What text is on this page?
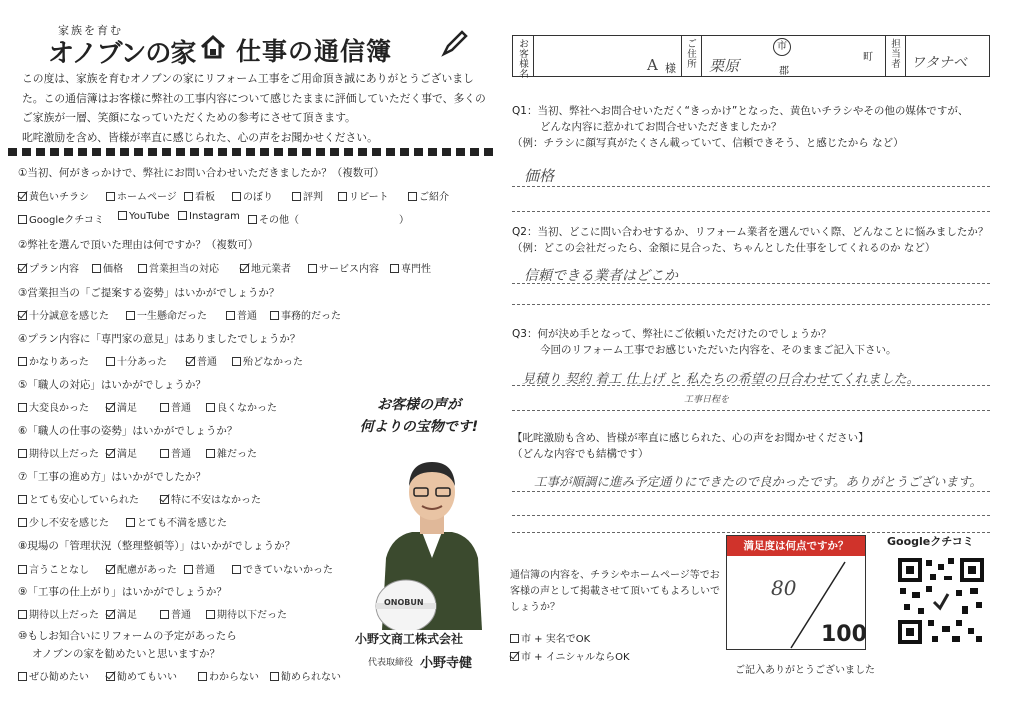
家族を育む
オノブンの家 仕事の通信簿
この度は、家族を育むオノブンの家にリフォーム工事をご用命頂き誠にありがとうございまし
た。この通信簿はお客様に弊社の工事内容について感じたままに評価していただく事で、多くの
ご家族が一層、笑顔になっていただくための参考にさせて頂きます。
叱咤激励を含め、皆様が率直に感じられた、心の声をお聞かせください。
①当初、何がきっかけで、弊社にお問い合わせいただきましたか？（複数可）
黄色いチラシ	ホームページ	看板	のぼり	評判	リピート	ご紹介
Googleクチコミ	YouTube	Instagram	その他（　　　　　　　　　　）
②弊社を選んで頂いた理由は何ですか？（複数可）
プラン内容	価格	営業担当の対応	地元業者	サービス内容	専門性
③営業担当の「ご提案する姿勢」はいかがでしょうか？
十分誠意を感じた	一生懸命だった	普通	事務的だった
④プラン内容に「専門家の意見」はありましたでしょうか？
かなりあった	十分あった	普通	殆どなかった
⑤「職人の対応」はいかがでしょうか？
大変良かった	満足	普通	良くなかった
⑥「職人の仕事の姿勢」はいかがでしょうか？
期待以上だった	満足	普通	雑だった
⑦「工事の進め方」はいかがでしたか？
とても安心していられた	特に不安はなかった
少し不安を感じた	とても不満を感じた
⑧現場の「管理状況（整理整頓等）」はいかがでしょうか？
言うことなし	配慮があった	普通	できていないかった
⑨「工事の仕上がり」はいかがでしょうか？
期待以上だった	満足	普通	期待以下だった
⑩もしお知合いにリフォームの予定があったら
オノブンの家を勧めたいと思いますか？
ぜひ勧めたい	勧めてもいい	わからない	勧められない
お客様の声が
何よりの宝物です!
ONOBUN
小野文商工株式会社
代表取締役 小野寺健
お客様名
A 様
ご住所
市
栗原	郡
町
担当者 ワタナベ
Q1：当初、弊社へお問合せいただく“きっかけ”となった、黄色いチラシやその他の媒体ですが、
どんな内容に惹かれてお問合せいただきましたか？
（例：チラシに顔写真がたくさん載っていて、信頼できそう、と感じたから など）
価格
Q2：当初、どこに問い合わせするか、リフォーム業者を選んでいく際、どんなことに悩みましたか？
（例：どこの会社だったら、金額に見合った、ちゃんとした仕事をしてくれるのか など）
信頼できる業者はどこか
Q3：何が決め手となって、弊社にご依頼いただけたのでしょうか？
今回のリフォーム工事でお感じいただいた内容を、そのままご記入下さい。
見積り 契約 着工 仕上げ と 私たちの希望の日合わせてくれました。
工事日程を
【叱咤激励も含め、皆様が率直に感じられた、心の声をお聞かせください】
（どんな内容でも結構です）
工事が順調に進み予定通りにできたので良かったです。ありがとうございます。
通信簿の内容を、チラシやホームページ等でお客様の声として掲載させて頂いてもよろしいでしょうか？
市 + 実名でOK
市 + イニシャルならOK
満足度は何点ですか？
80
100
Googleクチコミ
ご記入ありがとうございました
